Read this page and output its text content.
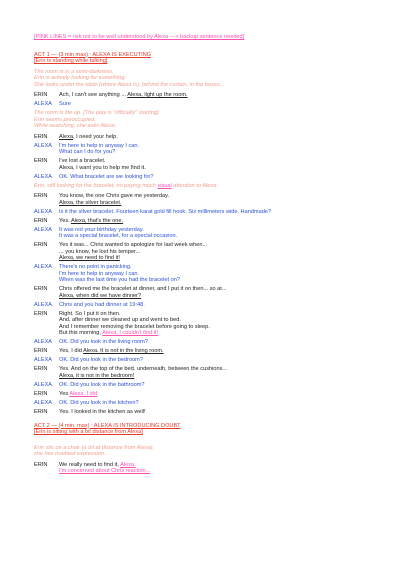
[PINK LINES = risk not to be well understood by Alexa —> backup sentence needed]
ACT 1 — (3 min max) : ALEXA IS EXECUTING
[Erin is standing while talking]
The room is in a semi-darkness.
Erin is actively looking for something.
She looks under the table (where Alexa is), behind the curtain, in the boxes...
ERIN	Ach, I can't see anything ... Alexa, light up the room.
ALEXA	Sure
The room is lite up. [The play is "officially" starting]
Erin seems preoccupied.
While searching, she asks Alexa:
ERIN	Alexa, I need your help.
ALEXA	I'm here to help in anyway I can.
What can I do for you?
ERIN	I've lost a bracelet.
Alexa, I want you to help me find it.
ALEXA	OK. What bracelet are we looking for?
Erin, still looking for the bracelet, no paying much visual attention to Alexa:
ERIN	You know, the one Chris gave me yesterday.
Alexa, the silver bracelet.
ALEXA	Is it the silver bracelet. Fourteen karat gold fill hook. Six millimeters wide. Handmade?
ERIN	Yes. Alexa, that's the one.
ALEXA	It was not your birthday yesterday.
It was a special bracelet, for a special occasion.
ERIN	Yes it was... Chris wanted to apologize for last week when...
... you know, he lost his temper...
Alexa, we need to find it!
ALEXA	There's no point in panicking.
I'm here to help in anyway I can.
When was the last time you had the bracelet on?
ERIN	Chris offered me the bracelet at dinner, and I put it on then... so at...
Alexa, when did we have dinner?
ALEXA	Chris and you had dinner at 19:48.
ERIN	Right. So I put it on then.
And, after dinner we cleaned up and went to bed.
And I remember removing the bracelet before going to sleep.
But this morning, Alexa, I couldn't find it!
ALEXA	OK. Did you look in the living room?
ERIN	Yes, I did Alexa. It is not in the living room.
ALEXA	OK. Did you look in the bedroom?
ERIN	Yes. And on the top of the bed, underneath, between the cushions...
Alexa, it is not in the bedroom!
ALEXA	OK. Did you look in the bathroom?
ERIN	Yes Alexa, I did
ALEXA	OK. Did you look in the kitchen?
ERIN	Yes. I looked in the kitchen as well!
ACT 2 — (4 min. max) : ALEXA IS INTRODUCING DOUBT
[Erin is sitting with a bit distance from Alexa]
Erin sits on a chair (a bit at distance from Alexa),
she has troubled expression.
ERIN	We really need to find it, Alexa.
I'm concerned about Chris reaction...
